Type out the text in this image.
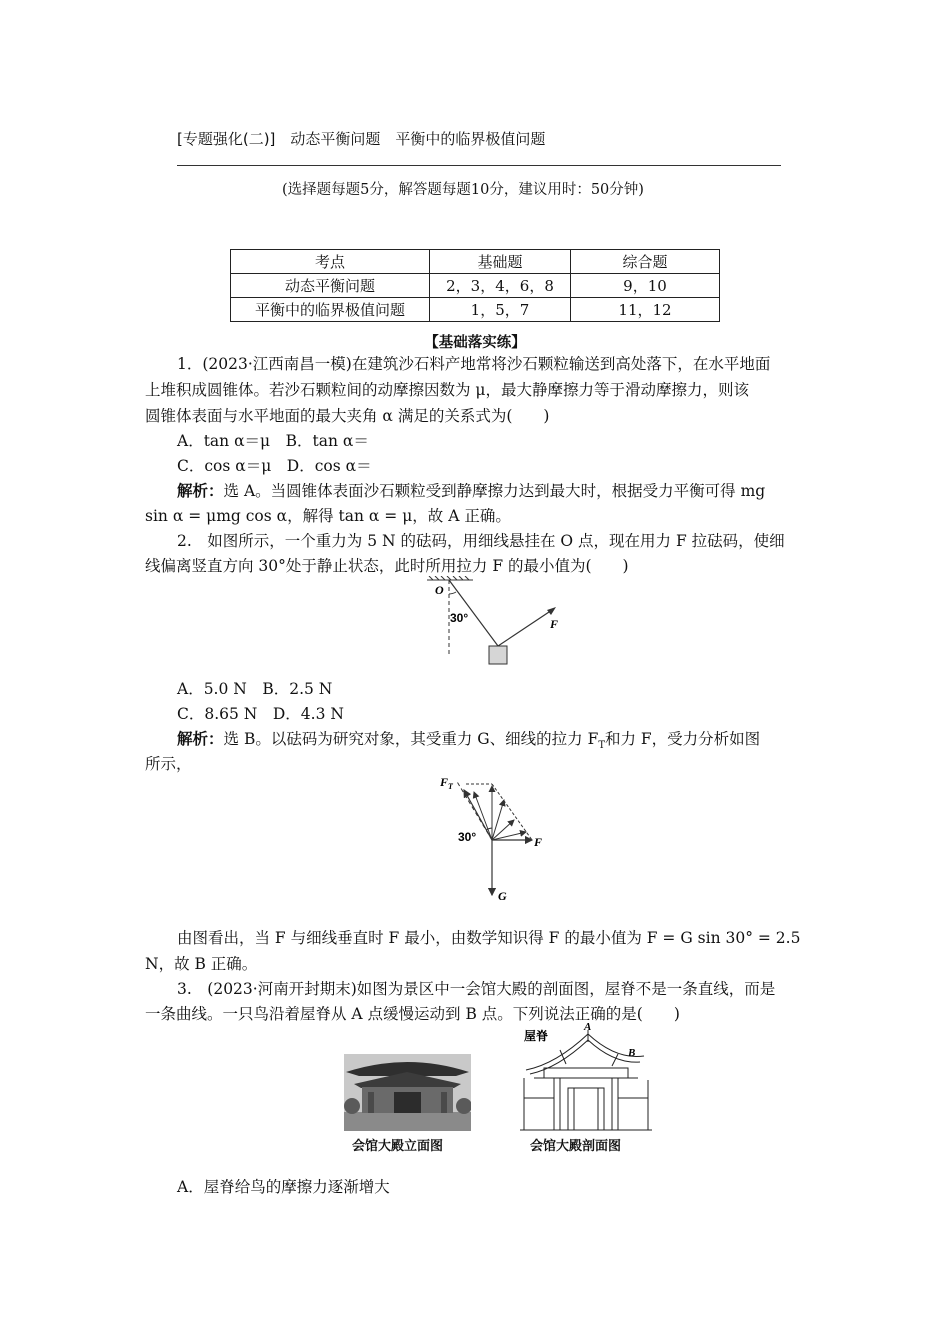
[专题强化(二)]　动态平衡问题　平衡中的临界极值问题
(选择题每题5分，解答题每题10分，建议用时：50分钟)
考点	基础题	综合题
动态平衡问题	2，3，4，6，8	9，10
平衡中的临界极值问题	1，5，7	11，12
【基础落实练】
1．(2023·江西南昌一模)在建筑沙石料产地常将沙石颗粒输送到高处落下，在水平地面
上堆积成圆锥体。若沙石颗粒间的动摩擦因数为 μ，最大静摩擦力等于滑动摩擦力，则该
圆锥体表面与水平地面的最大夹角 α 满足的关系式为(　　)
A．tan α＝μ　B．tan α＝
C．cos α＝μ　D．cos α＝
解析：选 A。当圆锥体表面沙石颗粒受到静摩擦力达到最大时，根据受力平衡可得 mg
sin α = μmg cos α，解得 tan α = μ，故 A 正确。
2.　如图所示，一个重力为 5 N 的砝码，用细线悬挂在 O 点，现在用力 F 拉砝码，使细
线偏离竖直方向 30°处于静止状态，此时所用拉力 F 的最小值为(　　)
O
30°	F
A．5.0 N　B．2.5 N
C．8.65 N　D．4.3 N
解析：选 B。以砝码为研究对象，其受重力 G、细线的拉力 $F_T$和力 F，受力分析如图
所示，
$F_T$
30°	F
G
由图看出，当 F 与细线垂直时 F 最小，由数学知识得 F 的最小值为 F = G sin 30° = 2.5
N，故 B 正确。
3.　(2023·河南开封期末)如图为景区中一会馆大殿的剖面图，屋脊不是一条直线，而是
一条曲线。一只鸟沿着屋脊从 A 点缓慢运动到 B 点。下列说法正确的是(　　)
会馆大殿立面图
屋脊
A
B
会馆大殿剖面图
A．屋脊给鸟的摩擦力逐渐增大
